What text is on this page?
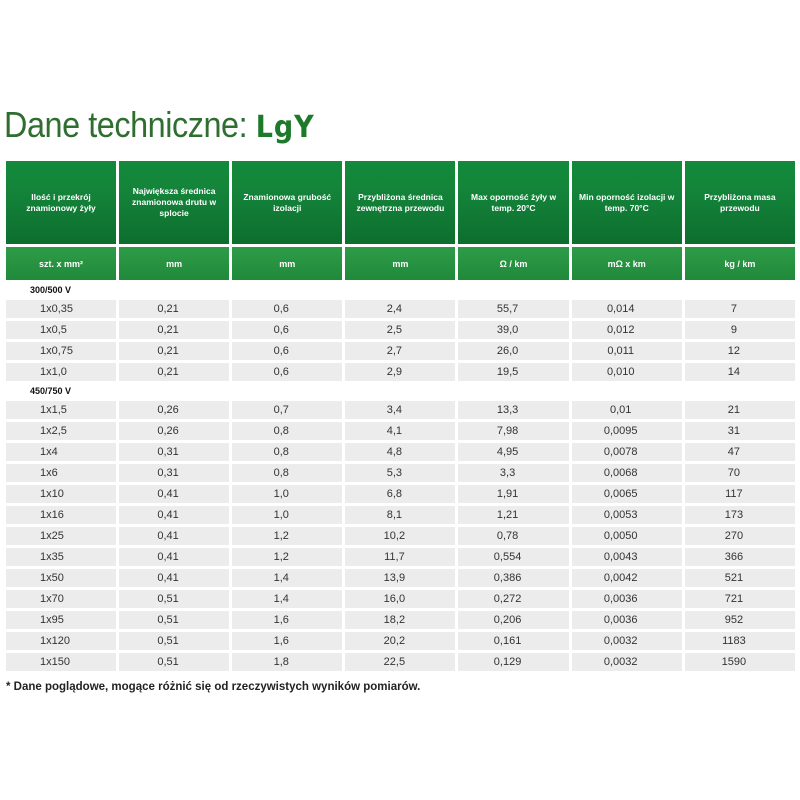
Dane techniczne: LgY
Ilość i przekrój znamionowy żyły	Największa średnica znamionowa drutu w splocie	Znamionowa grubość izolacji	Przybliżona średnica zewnętrzna przewodu	Max oporność żyły w temp. 20°C	Min oporność izolacji w temp. 70°C	Przybliżona masa przewodu
szt. x mm²	mm	mm	mm	Ω / km	mΩ x km	kg / km
300/500 V						
1x0,35	0,21	0,6	2,4	55,7	0,014	7
1x0,5	0,21	0,6	2,5	39,0	0,012	9
1x0,75	0,21	0,6	2,7	26,0	0,011	12
1x1,0	0,21	0,6	2,9	19,5	0,010	14
450/750 V						
1x1,5	0,26	0,7	3,4	13,3	0,01	21
1x2,5	0,26	0,8	4,1	7,98	0,0095	31
1x4	0,31	0,8	4,8	4,95	0,0078	47
1x6	0,31	0,8	5,3	3,3	0,0068	70
1x10	0,41	1,0	6,8	1,91	0,0065	117
1x16	0,41	1,0	8,1	1,21	0,0053	173
1x25	0,41	1,2	10,2	0,78	0,0050	270
1x35	0,41	1,2	11,7	0,554	0,0043	366
1x50	0,41	1,4	13,9	0,386	0,0042	521
1x70	0,51	1,4	16,0	0,272	0,0036	721
1x95	0,51	1,6	18,2	0,206	0,0036	952
1x120	0,51	1,6	20,2	0,161	0,0032	1183
1x150	0,51	1,8	22,5	0,129	0,0032	1590

* Dane poglądowe, mogące różnić się od rzeczywistych wyników pomiarów.
